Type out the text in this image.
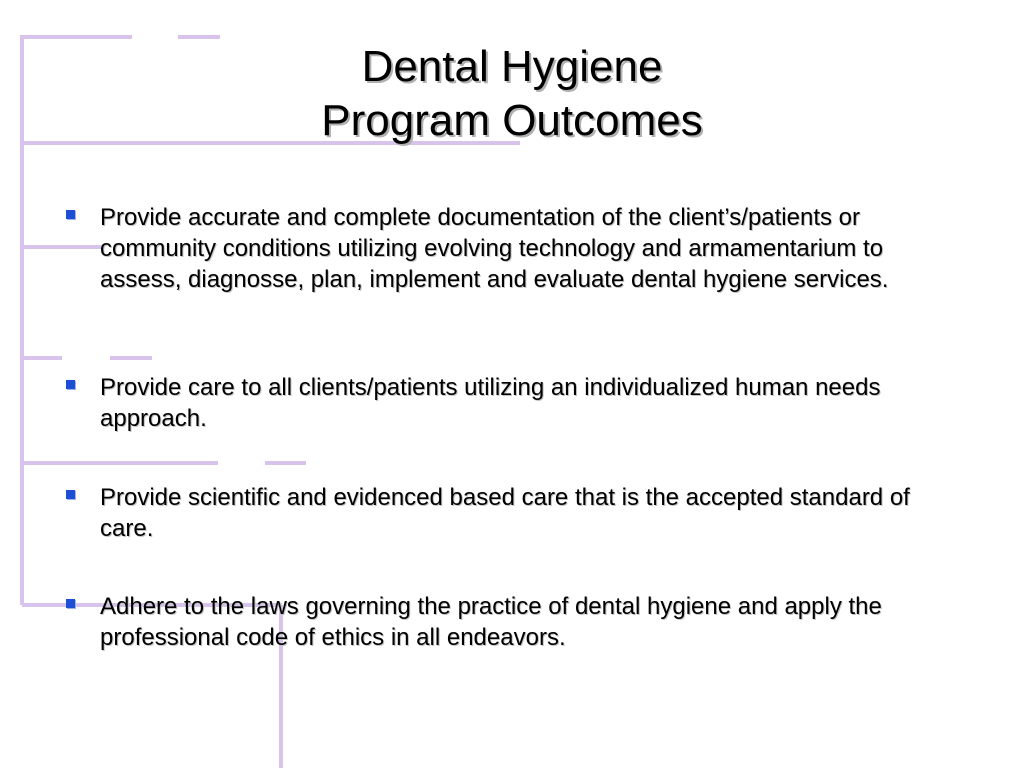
Dental Hygiene
Program Outcomes
Provide accurate and complete documentation of the client’s/patients or community conditions utilizing evolving technology and armamentarium to assess, diagnosse, plan, implement and evaluate dental hygiene services.
Provide care to all clients/patients utilizing an individualized human needs approach.
Provide scientific and evidenced based care that is the accepted standard of care.
Adhere to the laws governing the practice of dental hygiene and apply the professional code of ethics in all endeavors.
